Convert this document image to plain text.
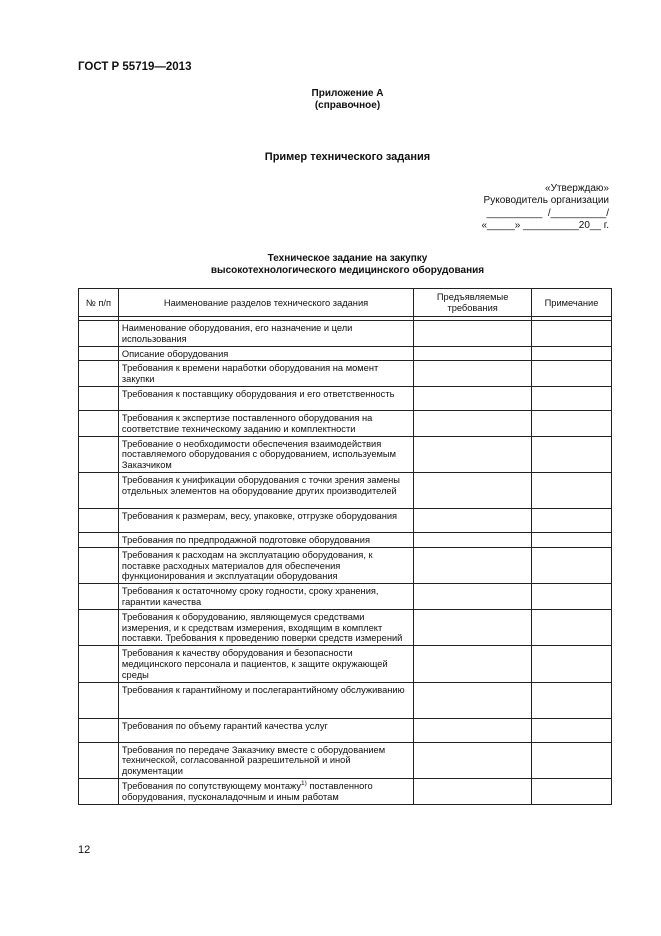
ГОСТ Р 55719—2013
Приложение А
(справочное)
Пример технического задания
«Утверждаю»
Руководитель организации
__________  /__________/
«_____» __________20__ г.
Техническое задание на закупку
высокотехнологического медицинского оборудования
№ п/п	Наименование разделов технического задания	Предъявляемые требования	Примечание

	Наименование оборудования, его назначение и цели использования		
	Описание оборудования		
	Требования к времени наработки оборудования на момент закупки		
	Требования к поставщику оборудования и его ответственность		
	Требования к экспертизе поставленного оборудования на соответствие техническому заданию и комплектности		
	Требование о необходимости обеспечения взаимодействия поставляемого оборудования с оборудованием, используемым Заказчиком		
	Требования к унификации оборудования с точки зрения замены отдельных элементов на оборудование других производителей		
	Требования к размерам, весу, упаковке, отгрузке оборудования		
	Требования по предпродажной подготовке оборудования		
	Требования к расходам на эксплуатацию оборудования, к поставке расходных материалов для обеспечения функционирования и эксплуатации оборудования		
	Требования к остаточному сроку годности, сроку хранения, гарантии качества		
	Требования к оборудованию, являющемуся средствами измерения, и к средствам измерения, входящим в комплект поставки. Требования к проведению поверки средств измерений		
	Требования к качеству оборудования и безопасности медицинского персонала и пациентов, к защите окружающей среды		
	Требования к гарантийному и послегарантийному обслуживанию		
	Требования по объему гарантий качества услуг		
	Требования по передаче Заказчику вместе с оборудованием технической, согласованной разрешительной и иной документации		
	Требования по сопутствующему монтажу$^{1)}$ поставленного оборудования, пусконаладочным и иным работам		
12
